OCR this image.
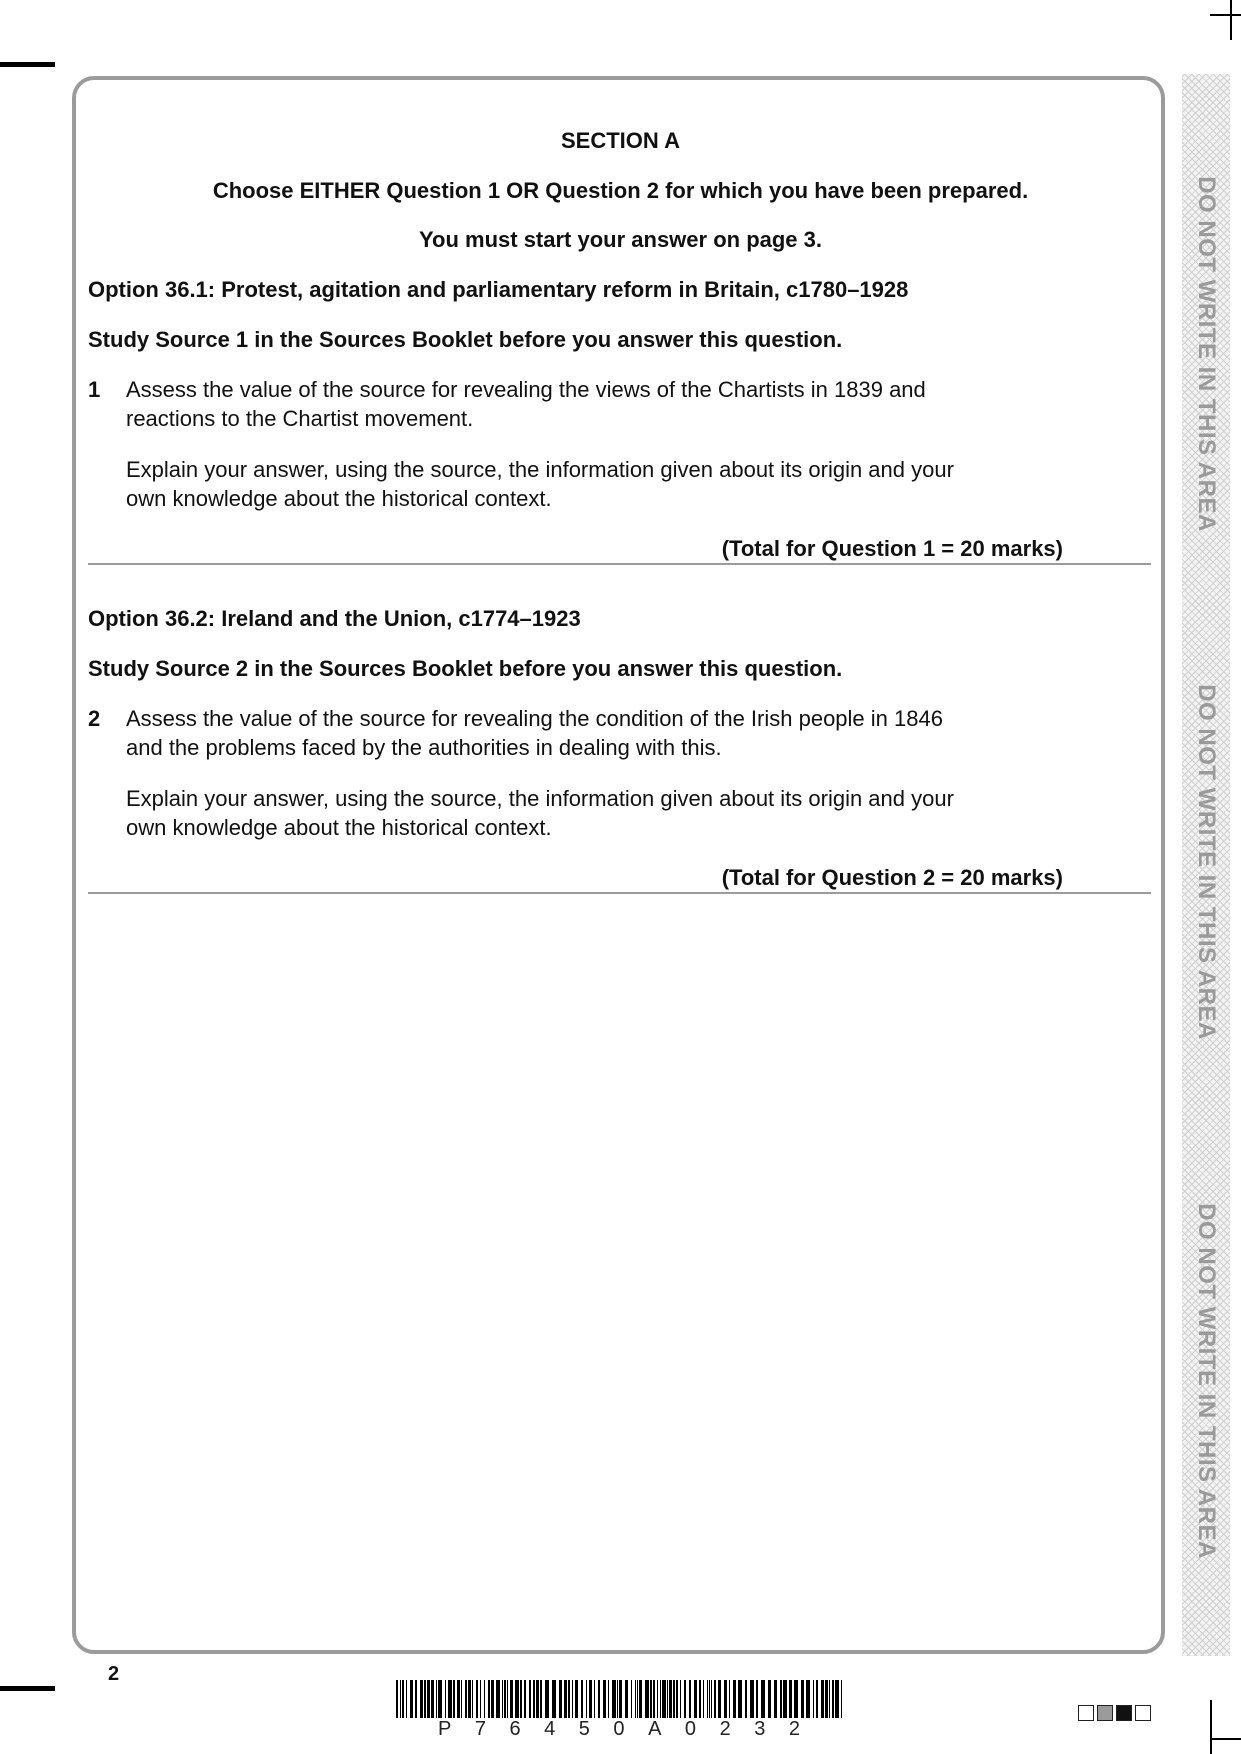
DO NOT WRITE IN THIS AREA
DO NOT WRITE IN THIS AREA
DO NOT WRITE IN THIS AREA
SECTION A
Choose EITHER Question 1 OR Question 2 for which you have been prepared.
You must start your answer on page 3.
Option 36.1: Protest, agitation and parliamentary reform in Britain, c1780–1928
Study Source 1 in the Sources Booklet before you answer this question.
1 Assess the value of the source for revealing the views of the Chartists in 1839 and
reactions to the Chartist movement.
Explain your answer, using the source, the information given about its origin and your
own knowledge about the historical context.
(Total for Question 1 = 20 marks)
Option 36.2: Ireland and the Union, c1774–1923
Study Source 2 in the Sources Booklet before you answer this question.
2 Assess the value of the source for revealing the condition of the Irish people in 1846
and the problems faced by the authorities in dealing with this.
Explain your answer, using the source, the information given about its origin and your
own knowledge about the historical context.
(Total for Question 2 = 20 marks)
2
P 7 6 4 5 0 A 0 2 3 2
